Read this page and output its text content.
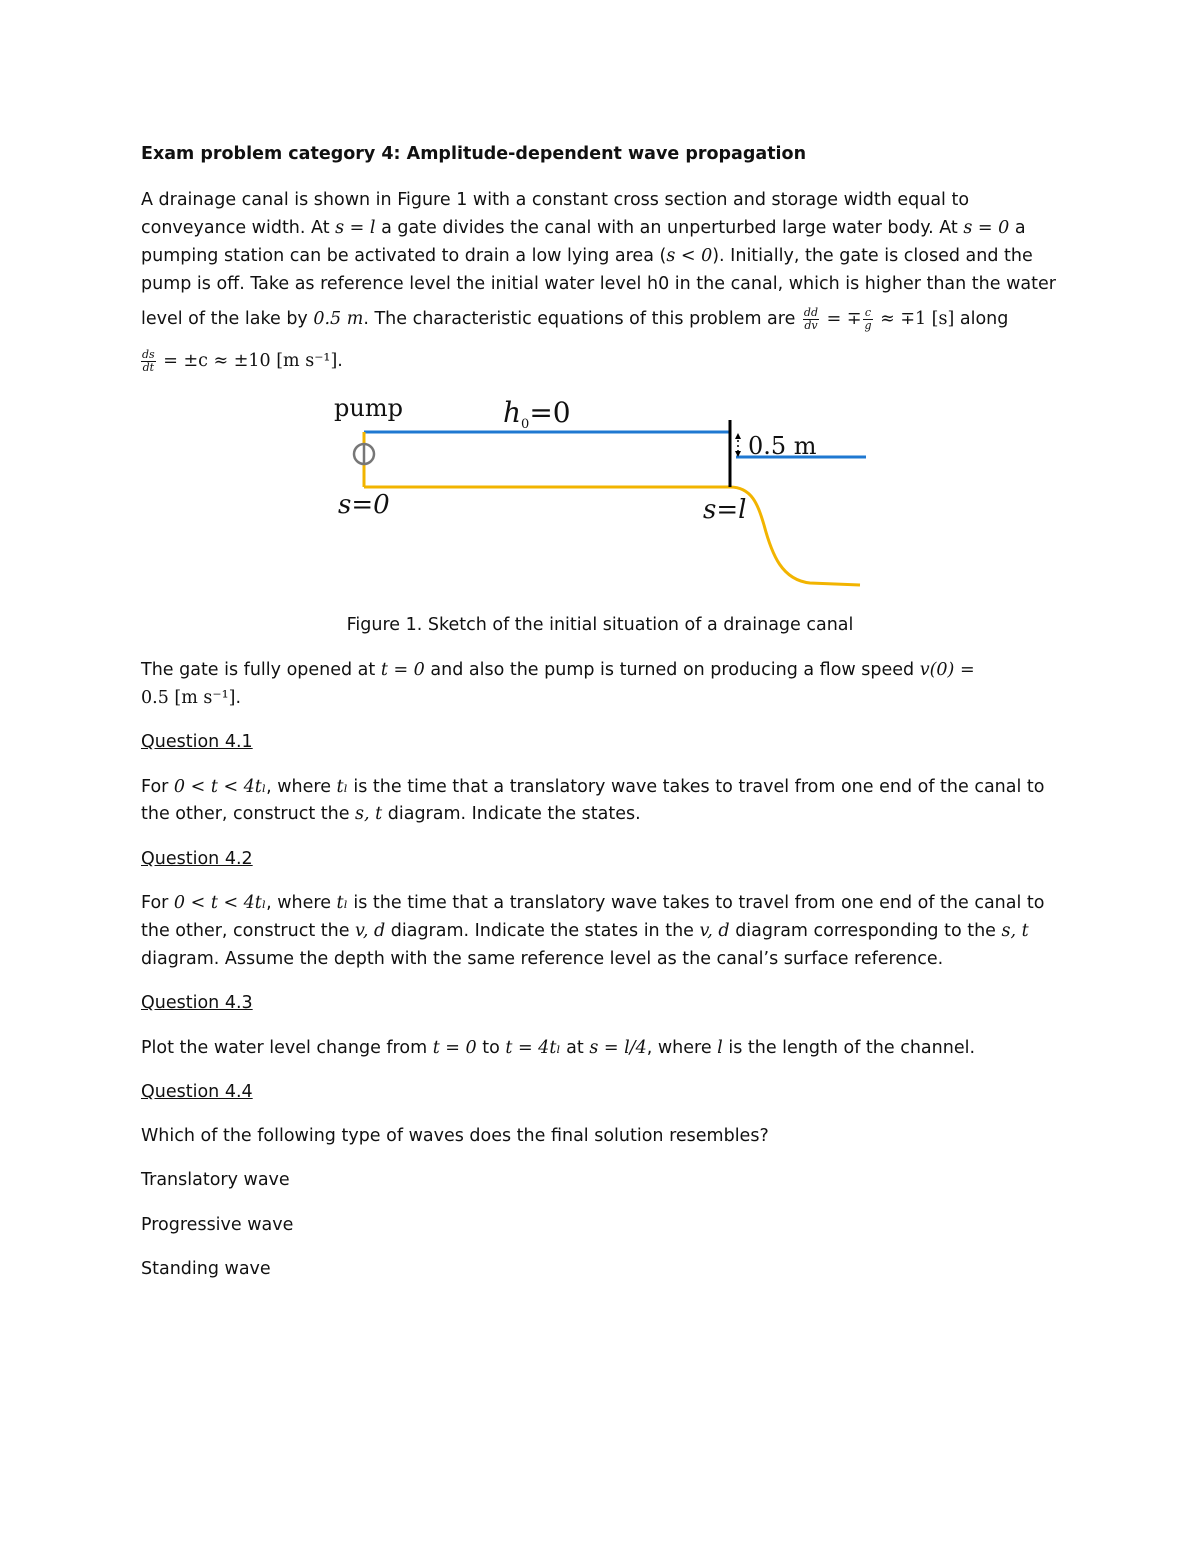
Exam problem category 4: Amplitude-dependent wave propagation
A drainage canal is shown in Figure 1 with a constant cross section and storage width equal to
conveyance width. At s = l a gate divides the canal with an unperturbed large water body. At s = 0 a
pumping station can be activated to drain a low lying area (s < 0). Initially, the gate is closed and the
pump is off. Take as reference level the initial water level h0 in the canal, which is higher than the water
level of the lake by 0.5 m. The characteristic equations of this problem are $\frac{dd}{dv}$ = ∓ $\frac{c}{g} \approx \mp 1$ [s] along
$\frac{ds}{dt} = \pm c \approx \pm 10$ [m s⁻¹].
pump	$h_0=0$
0.5 m
s=0	s=l
Figure 1. Sketch of the initial situation of a drainage canal
The gate is fully opened at t = 0 and also the pump is turned on producing a flow speed v(0) =
0.5 [m s⁻¹].
Question 4.1
For 0 < t < 4tₗ, where tₗ is the time that a translatory wave takes to travel from one end of the canal to
the other, construct the s, t diagram. Indicate the states.
Question 4.2
For 0 < t < 4tₗ, where tₗ is the time that a translatory wave takes to travel from one end of the canal to
the other, construct the v, d diagram. Indicate the states in the v, d diagram corresponding to the s, t
diagram. Assume the depth with the same reference level as the canal’s surface reference.
Question 4.3
Plot the water level change from t = 0 to t = 4tₗ at s = l/4, where l is the length of the channel.
Question 4.4
Which of the following type of waves does the final solution resembles?
Translatory wave
Progressive wave
Standing wave
